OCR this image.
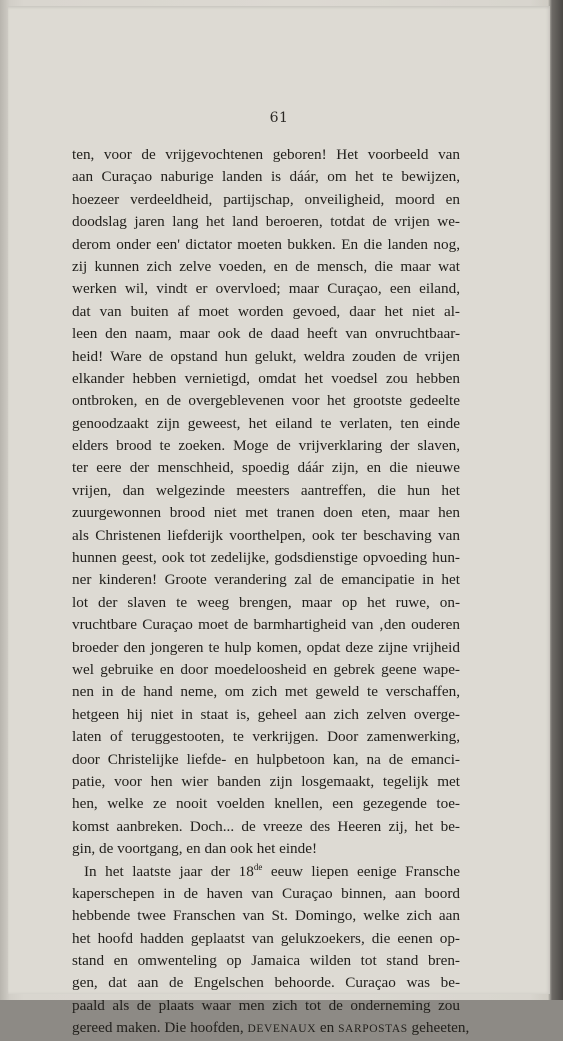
61
ten, voor de vrijgevochtenen geboren! Het voorbeeld van
aan Curaçao naburige landen is dáár, om het te bewijzen,
hoezeer verdeeldheid, partijschap, onveiligheid, moord en
doodslag jaren lang het land beroeren, totdat de vrijen we-
derom onder een' dictator moeten bukken. En die landen nog,
zij kunnen zich zelve voeden, en de mensch, die maar wat
werken wil, vindt er overvloed; maar Curaçao, een eiland,
dat van buiten af moet worden gevoed, daar het niet al-
leen den naam, maar ook de daad heeft van onvruchtbaar-
heid! Ware de opstand hun gelukt, weldra zouden de vrijen
elkander hebben vernietigd, omdat het voedsel zou hebben
ontbroken, en de overgeblevenen voor het grootste gedeelte
genoodzaakt zijn geweest, het eiland te verlaten, ten einde
elders brood te zoeken. Moge de vrijverklaring der slaven,
ter eere der menschheid, spoedig dáár zijn, en die nieuwe
vrijen, dan welgezinde meesters aantreffen, die hun het
zuurgewonnen brood niet met tranen doen eten, maar hen
als Christenen liefderijk voorthelpen, ook ter beschaving van
hunnen geest, ook tot zedelijke, godsdienstige opvoeding hun-
ner kinderen! Groote verandering zal de emancipatie in het
lot der slaven te weeg brengen, maar op het ruwe, on-
vruchtbare Curaçao moet de barmhartigheid van ‚den ouderen
broeder den jongeren te hulp komen, opdat deze zijne vrijheid
wel gebruike en door moedeloosheid en gebrek geene wape-
nen in de hand neme, om zich met geweld te verschaffen,
hetgeen hij niet in staat is, geheel aan zich zelven overge-
laten of teruggestooten, te verkrijgen. Door zamenwerking,
door Christelijke liefde- en hulpbetoon kan, na de emanci-
patie, voor hen wier banden zijn losgemaakt, tegelijk met
hen, welke ze nooit voelden knellen, een gezegende toe-
komst aanbreken. Doch... de vreeze des Heeren zij, het be-
gin, de voortgang, en dan ook het einde!
In het laatste jaar der 18de eeuw liepen eenige Fransche
kaperschepen in de haven van Curaçao binnen, aan boord
hebbende twee Franschen van St. Domingo, welke zich aan
het hoofd hadden geplaatst van gelukzoekers, die eenen op-
stand en omwenteling op Jamaica wilden tot stand bren-
gen, dat aan de Engelschen behoorde. Curaçao was be-
paald als de plaats waar men zich tot de onderneming zou
gereed maken. Die hoofden, DEVENAUX en SARPOSTAS geheeten,
